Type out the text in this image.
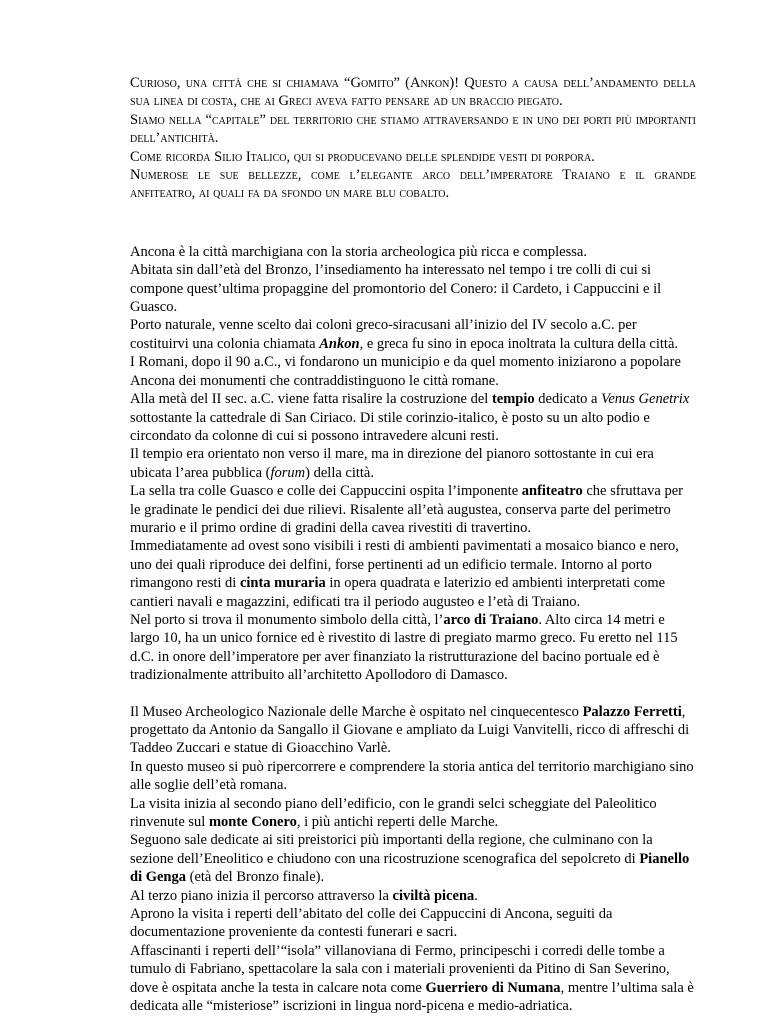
Curioso, una città che si chiamava “Gomito” (Ankon)! Questo a causa dell’andamento della sua linea di costa, che ai Greci aveva fatto pensare ad un braccio piegato.

Siamo nella “capitale” del territorio che stiamo attraversando e in uno dei porti più importanti dell’antichità.

Come ricorda Silio Italico, qui si producevano delle splendide vesti di porpora.

Numerose le sue bellezze, come l’elegante arco dell’imperatore Traiano e il grande anfiteatro, ai quali fa da sfondo un mare blu cobalto.

Ancona è la città marchigiana con la storia archeologica più ricca e complessa.

Abitata sin dall’età del Bronzo, l’insediamento ha interessato nel tempo i tre colli di cui si compone quest’ultima propaggine del promontorio del Conero: il Cardeto, i Cappuccini e il Guasco.

Porto naturale, venne scelto dai coloni greco-siracusani all’inizio del IV secolo a.C. per costituirvi una colonia chiamata Ankon, e greca fu sino in epoca inoltrata la cultura della città.

I Romani, dopo il 90 a.C., vi fondarono un municipio e da quel momento iniziarono a popolare Ancona dei monumenti che contraddistinguono le città romane.

Alla metà del II sec. a.C. viene fatta risalire la costruzione del tempio dedicato a Venus Genetrix sottostante la cattedrale di San Ciriaco. Di stile corinzio-italico, è posto su un alto podio e circondato da colonne di cui si possono intravedere alcuni resti.

Il tempio era orientato non verso il mare, ma in direzione del pianoro sottostante in cui era ubicata l’area pubblica (forum) della città.

La sella tra colle Guasco e colle dei Cappuccini ospita l’imponente anfiteatro che sfruttava per le gradinate le pendici dei due rilievi. Risalente all’età augustea, conserva parte del perimetro murario e il primo ordine di gradini della cavea rivestiti di travertino.

Immediatamente ad ovest sono visibili i resti di ambienti pavimentati a mosaico bianco e nero, uno dei quali riproduce dei delfini, forse pertinenti ad un edificio termale. Intorno al porto rimangono resti di cinta muraria in opera quadrata e laterizio ed ambienti interpretati come cantieri navali e magazzini, edificati tra il periodo augusteo e l’età di Traiano.

Nel porto si trova il monumento simbolo della città, l’arco di Traiano. Alto circa 14 metri e largo 10, ha un unico fornice ed è rivestito di lastre di pregiato marmo greco. Fu eretto nel 115 d.C. in onore dell’imperatore per aver finanziato la ristrutturazione del bacino portuale ed è tradizionalmente attribuito all’architetto Apollodoro di Damasco.

Il Museo Archeologico Nazionale delle Marche è ospitato nel cinquecentesco Palazzo Ferretti, progettato da Antonio da Sangallo il Giovane e ampliato da Luigi Vanvitelli, ricco di affreschi di Taddeo Zuccari e statue di Gioacchino Varlè.

In questo museo si può ripercorrere e comprendere la storia antica del territorio marchigiano sino alle soglie dell’età romana.

La visita inizia al secondo piano dell’edificio, con le grandi selci scheggiate del Paleolitico rinvenute sul monte Conero, i più antichi reperti delle Marche.

Seguono sale dedicate ai siti preistorici più importanti della regione, che culminano con la sezione dell’Eneolitico e chiudono con una ricostruzione scenografica del sepolcreto di Pianello di Genga (età del Bronzo finale).

Al terzo piano inizia il percorso attraverso la civiltà picena.

Aprono la visita i reperti dell’abitato del colle dei Cappuccini di Ancona, seguiti da documentazione proveniente da contesti funerari e sacri.

Affascinanti i reperti dell’“isola” villanoviana di Fermo, principeschi i corredi delle tombe a tumulo di Fabriano, spettacolare la sala con i materiali provenienti da Pitino di San Severino, dove è ospitata anche la testa in calcare nota come Guerriero di Numana, mentre l’ultima sala è dedicata alle “misteriose” iscrizioni in lingua nord-picena e medio-adriatica.
